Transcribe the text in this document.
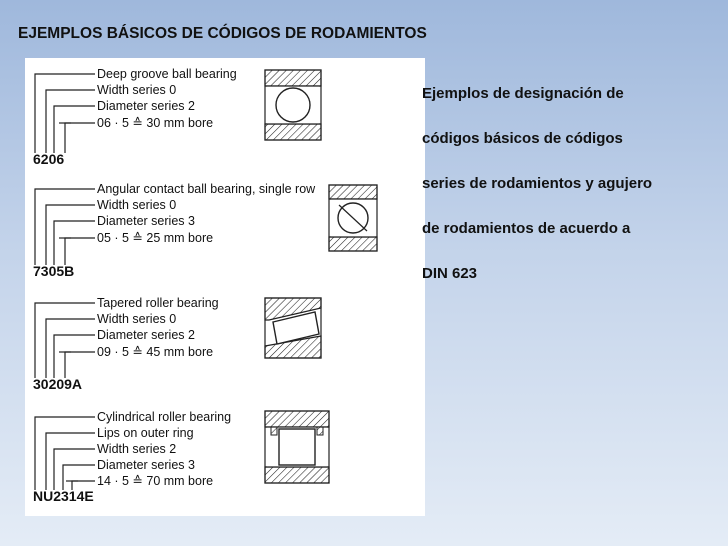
EJEMPLOS BÁSICOS DE CÓDIGOS DE RODAMIENTOS
Deep groove ball bearing
Width series 0
Diameter series 2
06 · 5 ≙ 30 mm bore
6206
Angular contact ball bearing, single row
Width series 0
Diameter series 3
05 · 5 ≙ 25 mm bore
7305B
Tapered roller bearing
Width series 0
Diameter series 2
09 · 5 ≙ 45 mm bore
30209A
Cylindrical roller bearing
Lips on outer ring
Width series 2
Diameter series 3
14 · 5 ≙ 70 mm bore
NU2314E
Ejemplos de designación de
códigos básicos de códigos
series de rodamientos y agujero
de rodamientos de acuerdo a
DIN 623
